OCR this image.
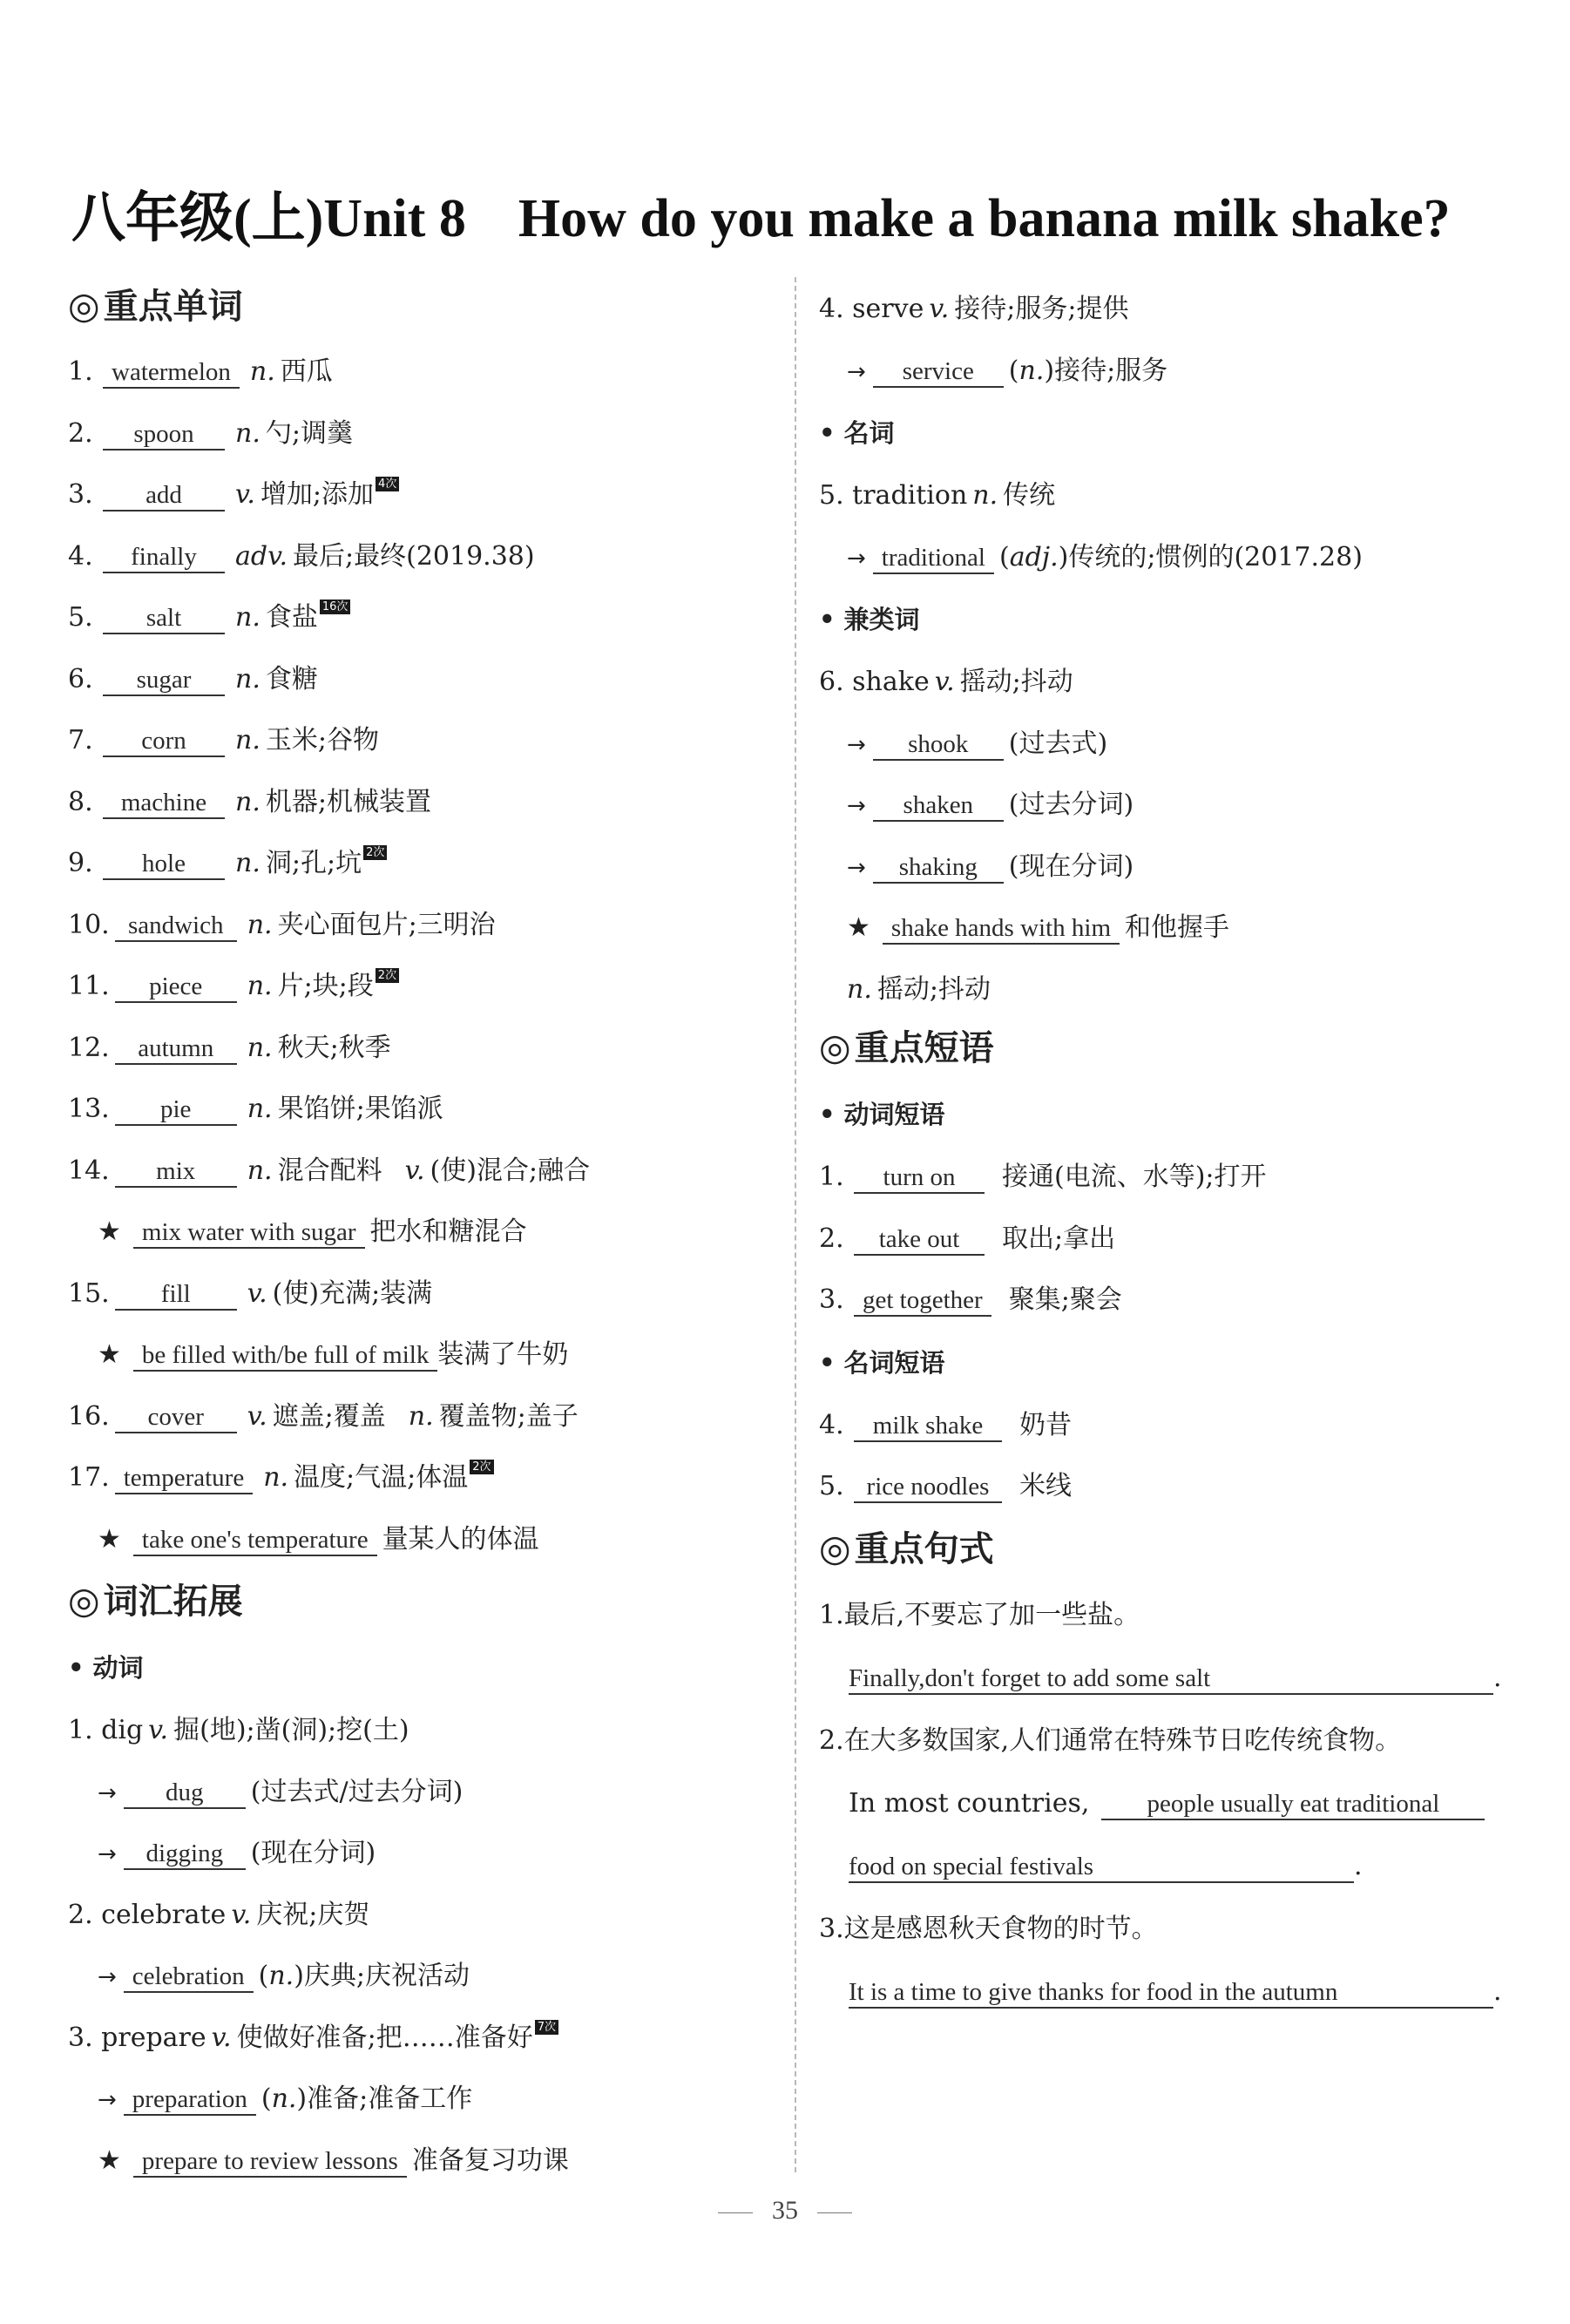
八年级(上)Unit 8 How do you make a banana milk shake?
◎ 重点单词
1. watermelon n. 西瓜
2. spoon n. 勺;调羹
3. add v. 增加;添加 4次
4. finally adv. 最后;最终(2019.38)
5. salt n. 食盐 16次
6. sugar n. 食糖
7. corn n. 玉米;谷物
8. machine n. 机器;机械装置
9. hole n. 洞;孔;坑 2次
10. sandwich n. 夹心面包片;三明治
11. piece n. 片;块;段 2次
12. autumn n. 秋天;秋季
13. pie n. 果馅饼;果馅派
14. mix n. 混合配料 v. (使)混合;融合
★ mix water with sugar 把水和糖混合
15. fill v. (使)充满;装满
★ be filled with/be full of milk 装满了牛奶
16. cover v. 遮盖;覆盖 n. 覆盖物;盖子
17. temperature n. 温度;气温;体温 2次
★ take one's temperature 量某人的体温
◎ 词汇拓展
• 动词
1. dig v. 掘(地);凿(洞);挖(土)
→ dug (过去式/过去分词)
→ digging (现在分词)
2. celebrate v. 庆祝;庆贺
→ celebration (n.)庆典;庆祝活动
3. prepare v. 使做好准备;把……准备好 7次
→ preparation (n.)准备;准备工作
★ prepare to review lessons 准备复习功课
4. serve v. 接待;服务;提供
→ service (n.)接待;服务
• 名词
5. tradition n. 传统
→ traditional (adj.)传统的;惯例的(2017.28)
• 兼类词
6. shake v. 摇动;抖动
→ shook (过去式)
→ shaken (过去分词)
→ shaking (现在分词)
★ shake hands with him 和他握手
n. 摇动;抖动
◎ 重点短语
• 动词短语
1. turn on 接通(电流、水等);打开
2. take out 取出;拿出
3. get together 聚集;聚会
• 名词短语
4. milk shake 奶昔
5. rice noodles 米线
◎ 重点句式
1.最后,不要忘了加一些盐。
Finally,don't forget to add some salt	.
2.在大多数国家,人们通常在特殊节日吃传统食物。
In most countries, people usually eat traditional
food on special festivals	.
3.这是感恩秋天食物的时节。
It is a time to give thanks for food in the autumn	.
35
